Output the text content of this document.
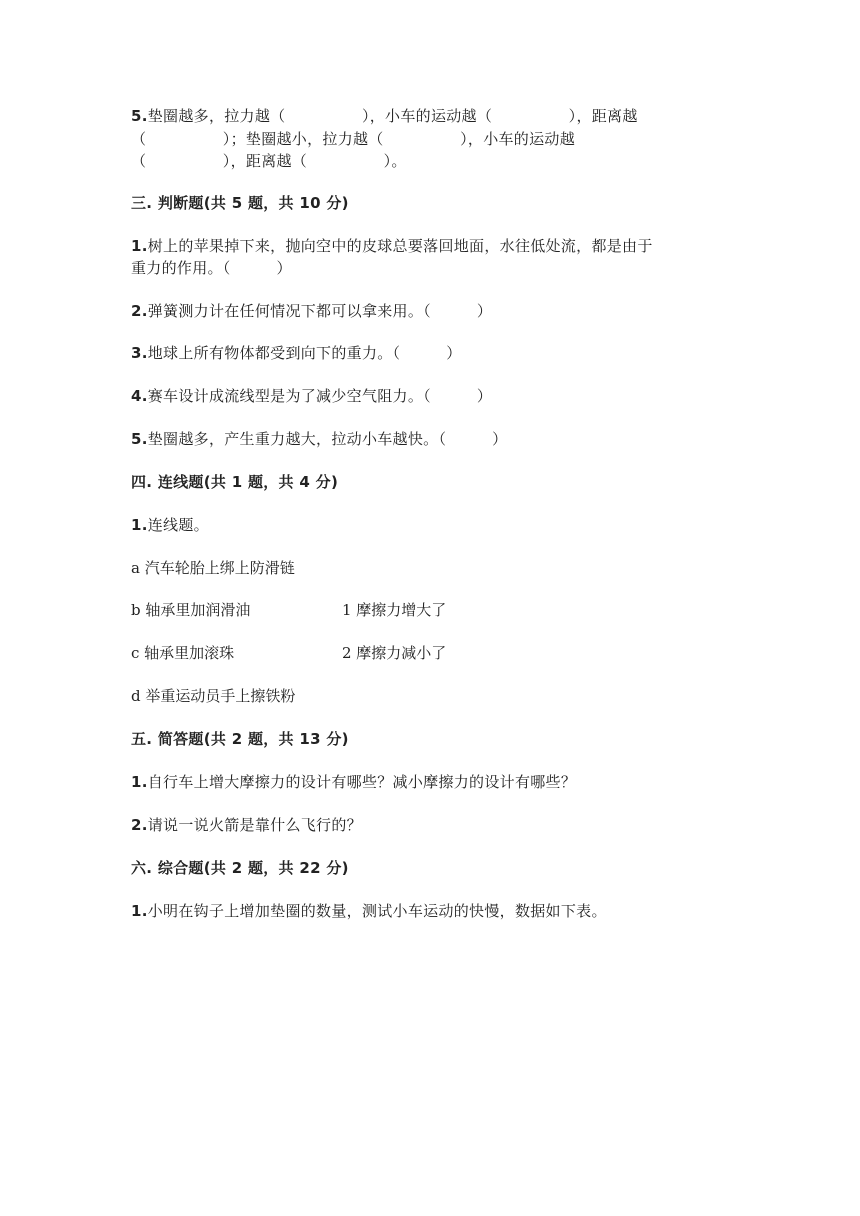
5.垫圈越多，拉力越（　　　　　），小车的运动越（　　　　　），距离越
（　　　　　）；垫圈越小，拉力越（　　　　　），小车的运动越
（　　　　　），距离越（　　　　　）。
三. 判断题(共 5 题，共 10 分)
1.树上的苹果掉下来，抛向空中的皮球总要落回地面，水往低处流，都是由于
重力的作用。（　　　）
2.弹簧测力计在任何情况下都可以拿来用。（　　　）
3.地球上所有物体都受到向下的重力。（　　　）
4.赛车设计成流线型是为了减少空气阻力。（　　　）
5.垫圈越多，产生重力越大，拉动小车越快。（　　　）
四. 连线题(共 1 题，共 4 分)
1.连线题。
a 汽车轮胎上绑上防滑链
b 轴承里加润滑油	1 摩擦力增大了
c 轴承里加滚珠	2 摩擦力减小了
d 举重运动员手上擦铁粉
五. 简答题(共 2 题，共 13 分)
1.自行车上增大摩擦力的设计有哪些？减小摩擦力的设计有哪些？
2.请说一说火箭是靠什么飞行的？
六. 综合题(共 2 题，共 22 分)
1.小明在钩子上增加垫圈的数量，测试小车运动的快慢，数据如下表。
